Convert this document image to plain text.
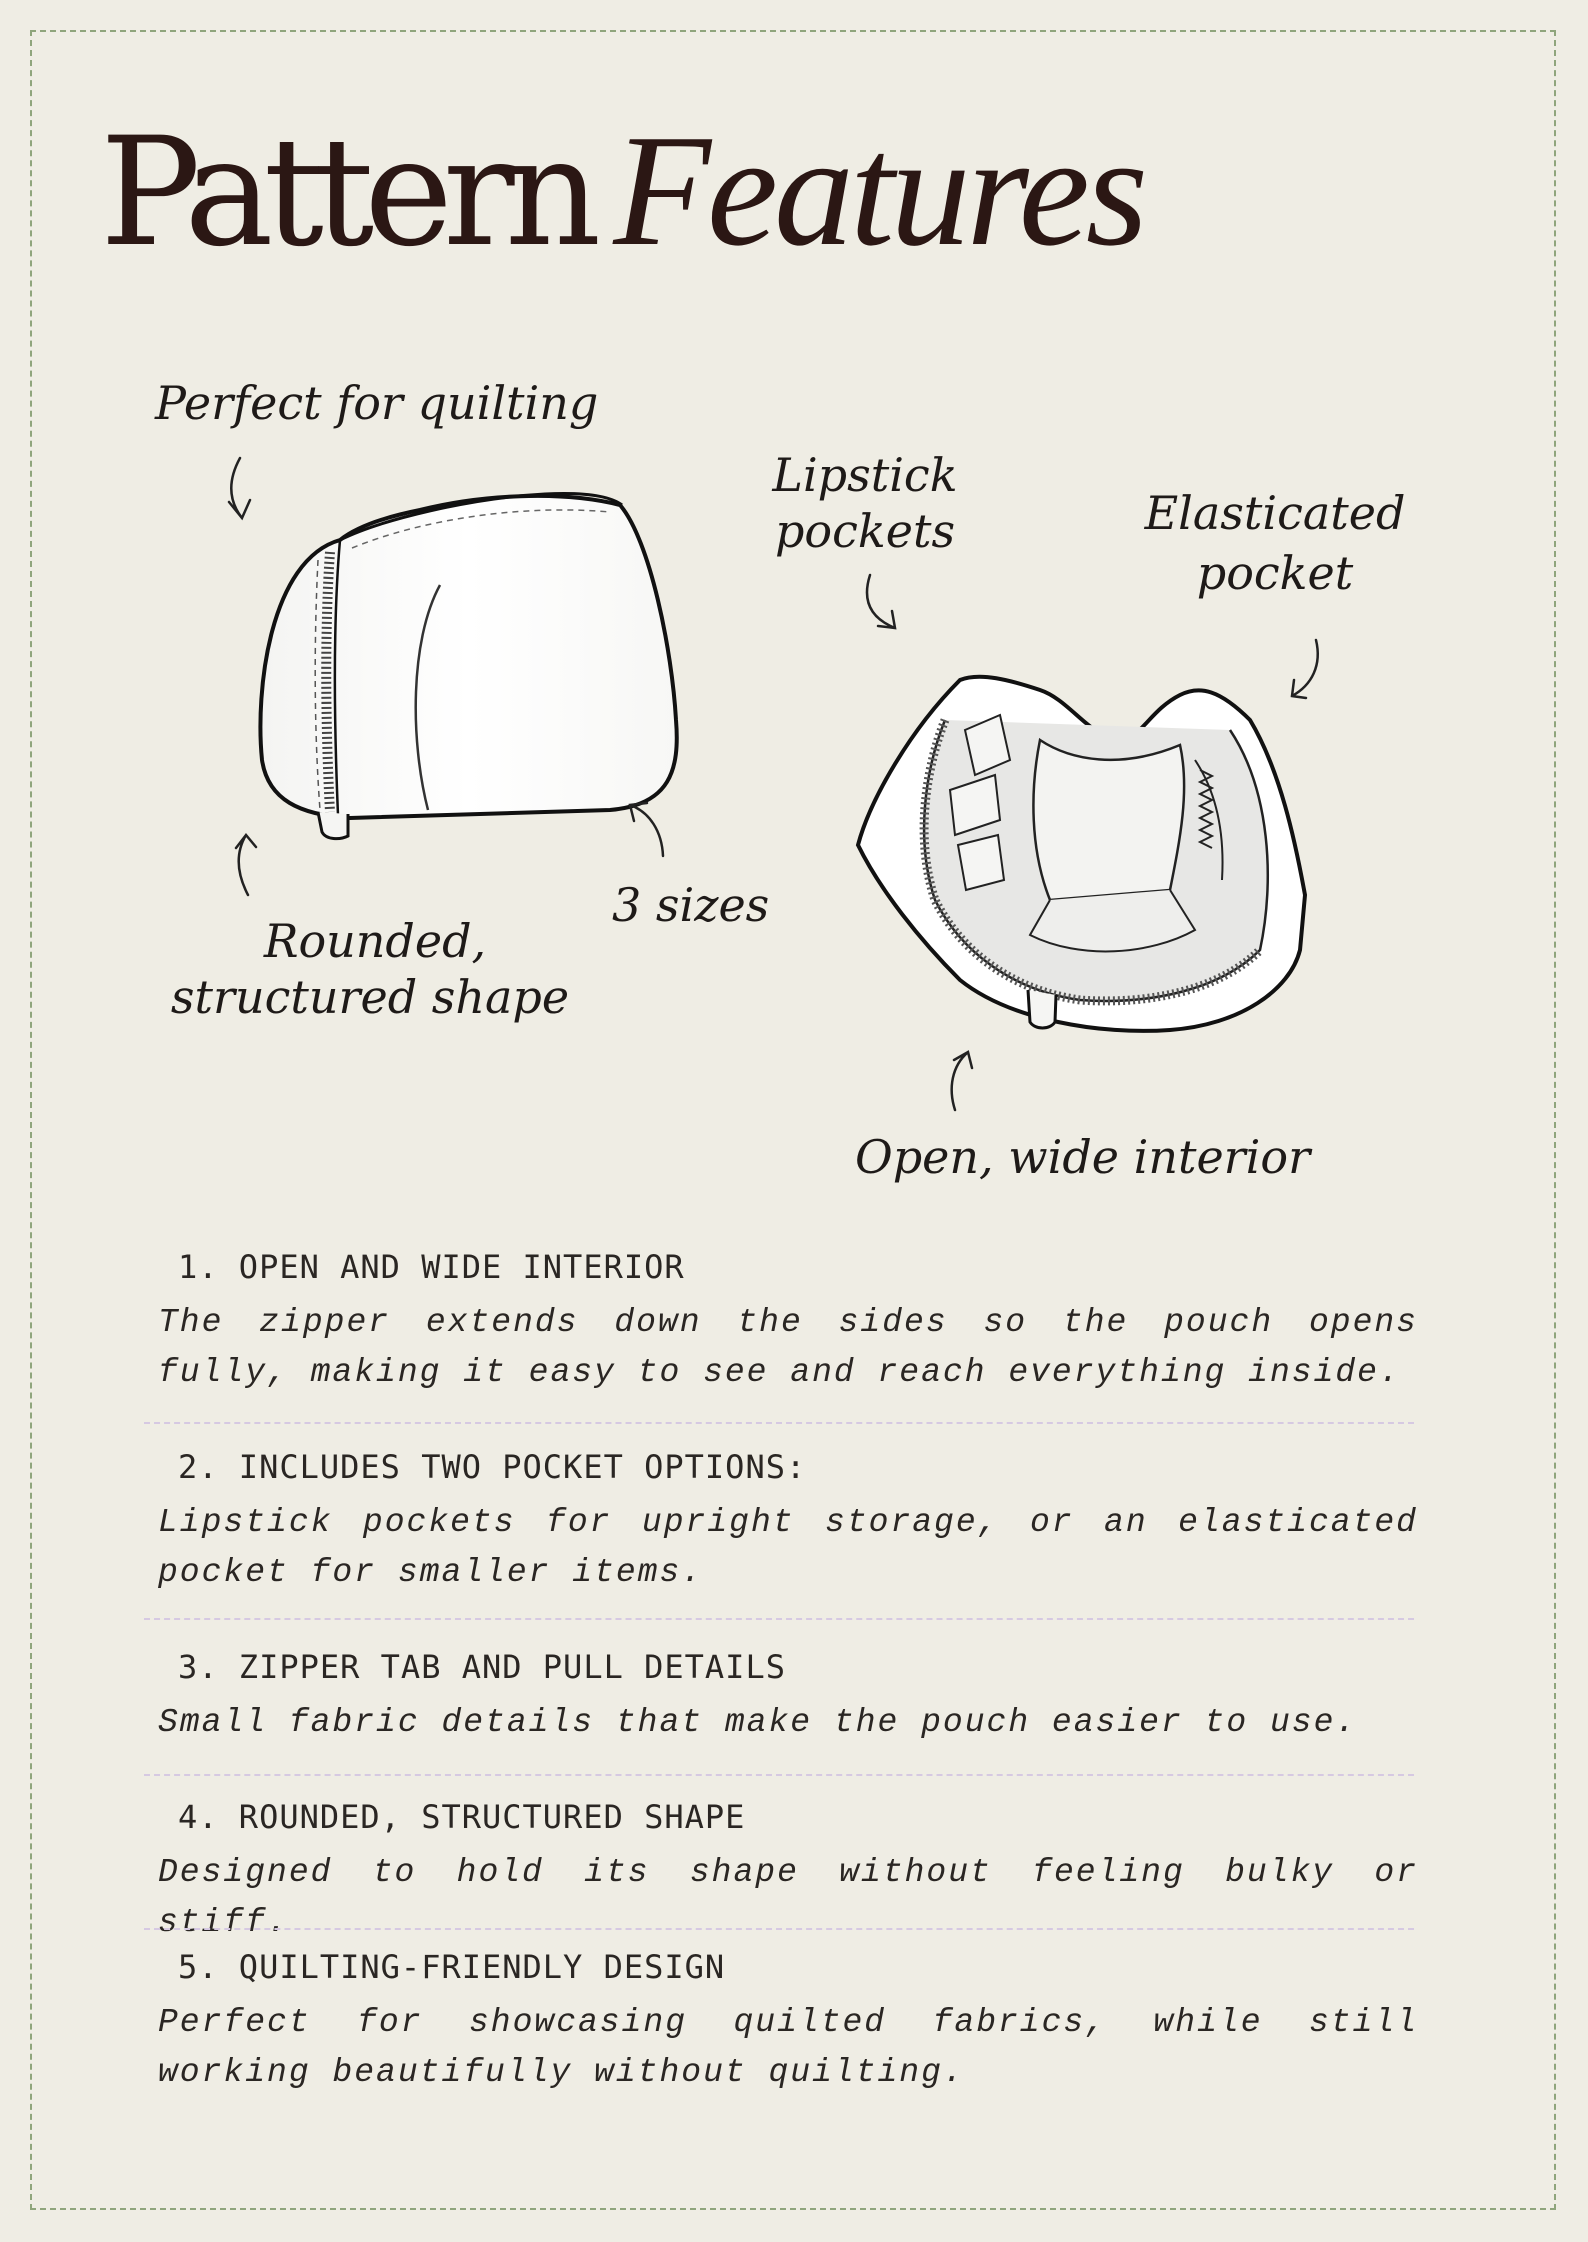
Pattern Features

Perfect for quilting

Lipstick

pockets	Elasticated

pocket

Rounded,

structured shape

3 sizes

Open, wide interior

1. OPEN AND WIDE INTERIOR

The zipper extends down the sides so the pouch opens fully, making it easy to see and reach everything inside.

2. INCLUDES TWO POCKET OPTIONS:

Lipstick pockets for upright storage, or an elasticated pocket for smaller items.

3. ZIPPER TAB AND PULL DETAILS

Small fabric details that make the pouch easier to use.

4. ROUNDED, STRUCTURED SHAPE

Designed to hold its shape without feeling bulky or stiff.

5. QUILTING-FRIENDLY DESIGN

Perfect for showcasing quilted fabrics, while still working beautifully without quilting.
